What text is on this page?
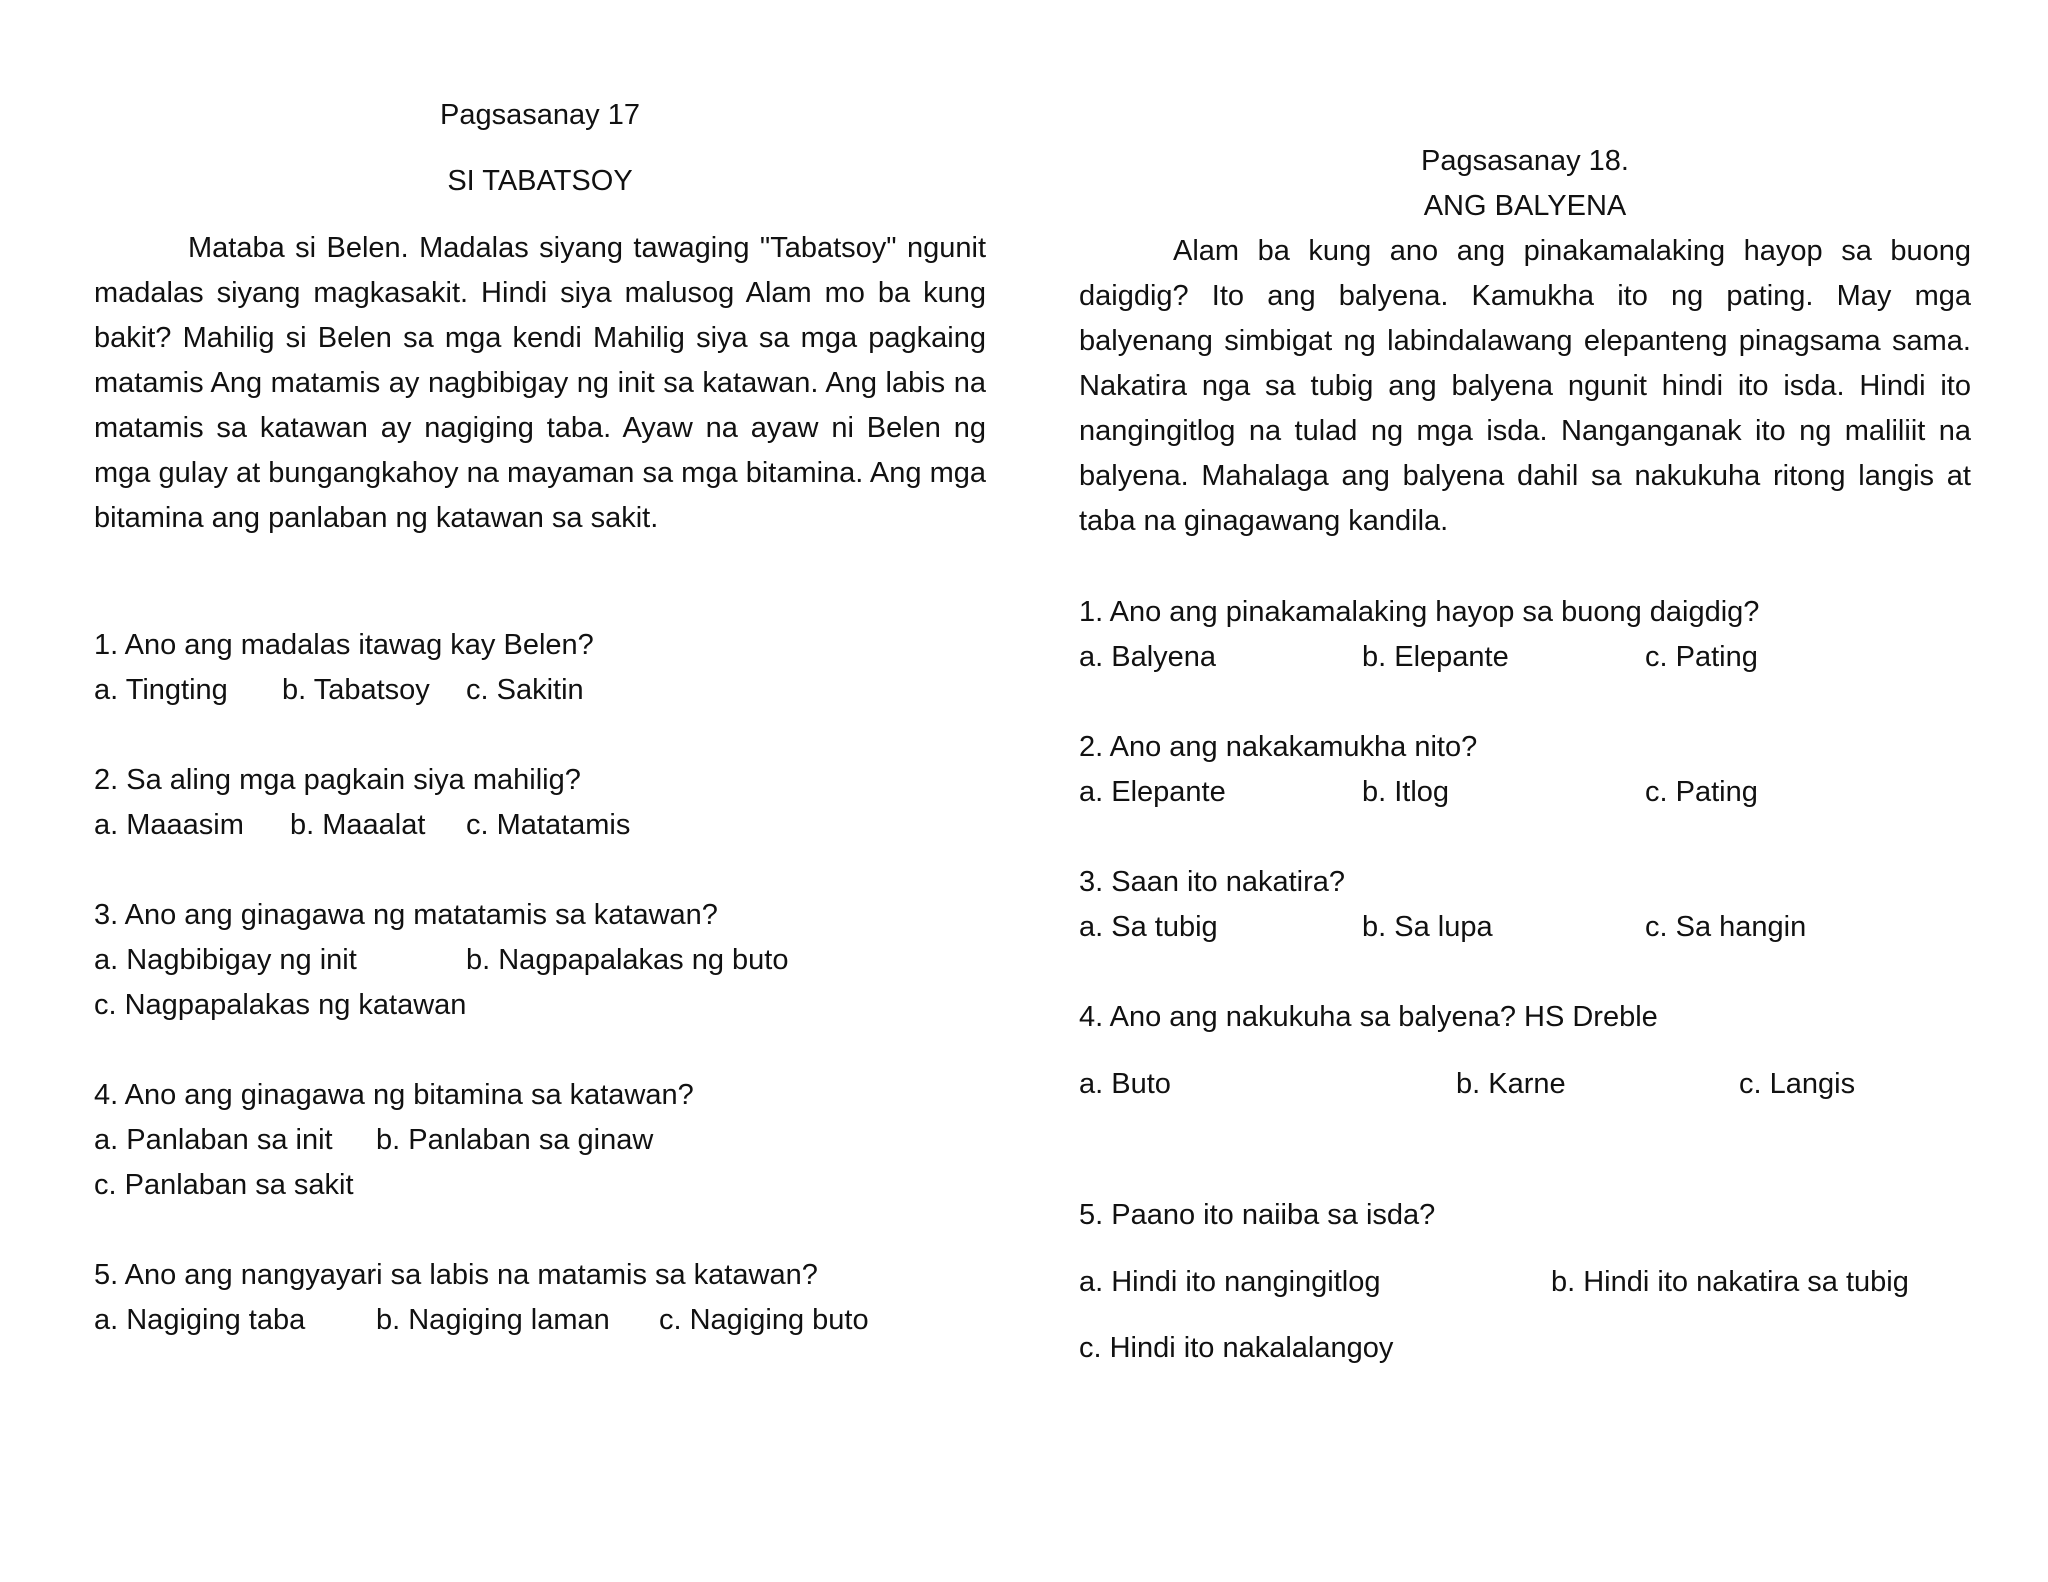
Pagsasanay 17
SI TABATSOY

Mataba si Belen. Madalas siyang tawaging "Tabatsoy" ngunit madalas siyang magkasakit. Hindi siya malusog Alam mo ba kung bakit? Mahilig si Belen sa mga kendi Mahilig siya sa mga pagkaing matamis Ang matamis ay nagbibigay ng init sa katawan. Ang labis na matamis sa katawan ay nagiging taba. Ayaw na ayaw ni Belen ng mga gulay at bungangkahoy na mayaman sa mga bitamina. Ang mga bitamina ang panlaban ng katawan sa sakit.

1. Ano ang madalas itawag kay Belen?
a. Tingting b. Tabatsoy c. Sakitin
2. Sa aling mga pagkain siya mahilig?
a. Maaasim b. Maaalat c. Matatamis
3. Ano ang ginagawa ng matatamis sa katawan?
a. Nagbibigay ng init	b. Nagpapalakas ng buto
c. Nagpapalakas ng katawan
4. Ano ang ginagawa ng bitamina sa katawan?
a. Panlaban sa init b. Panlaban sa ginaw
c. Panlaban sa sakit
5. Ano ang nangyayari sa labis na matamis sa katawan?
a. Nagiging taba b. Nagiging laman c. Nagiging buto
Pagsasanay 18.
ANG BALYENA

Alam ba kung ano ang pinakamalaking hayop sa buong daigdig? Ito ang balyena. Kamukha ito ng pating. May mga balyenang simbigat ng labindalawang elepanteng pinagsama sama. Nakatira nga sa tubig ang balyena ngunit hindi ito isda. Hindi ito nangingitlog na tulad ng mga isda. Nanganganak ito ng maliliit na balyena. Mahalaga ang balyena dahil sa nakukuha ritong langis at taba na ginagawang kandila.

1. Ano ang pinakamalaking hayop sa buong daigdig?
a. Balyena	b. Elepante	c. Pating
2. Ano ang nakakamukha nito?
a. Elepante	b. Itlog	c. Pating
3. Saan ito nakatira?
a. Sa tubig	b. Sa lupa	c. Sa hangin
4. Ano ang nakukuha sa balyena? HS Dreble
a. Buto	b. Karne	c. Langis
5. Paano ito naiiba sa isda?
a. Hindi ito nangingitlog	b. Hindi ito nakatira sa tubig
c. Hindi ito nakalalangoy
